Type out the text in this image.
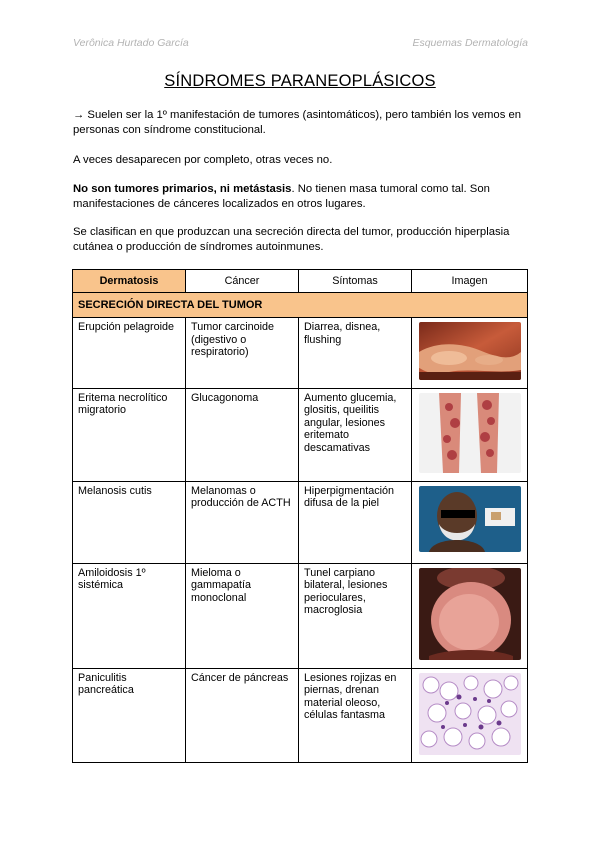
Verônica Hurtado García	Esquemas Dermatología
SÍNDROMES PARANEOPLÁSICOS
→ Suelen ser la 1º manifestación de tumores (asintomáticos), pero también los vemos en personas con síndrome constitucional.
A veces desaparecen por completo, otras veces no.
No son tumores primarios, ni metástasis. No tienen masa tumoral como tal. Son manifestaciones de cánceres localizados en otros lugares.
Se clasifican en que produzcan una secreción directa del tumor, producción hiperplasia cutánea o producción de síndromes autoinmunes.
Dermatosis	Cáncer	Síntomas	Imagen
SECRECIÓN DIRECTA DEL TUMOR			
Erupción pelagroide	Tumor carcinoide (digestivo o respiratorio)	Diarrea, disnea, flushing	
Eritema necrolítico migratorio	Glucagonoma	Aumento glucemia, glositis, queilitis angular, lesiones eritemato descamativas	
Melanosis cutis	Melanomas o producción de ACTH	Hiperpigmentación difusa de la piel	
Amiloidosis 1º sistémica	Mieloma o gammapatía monoclonal	Tunel carpiano bilateral, lesiones perioculares, macroglosia	
Paniculitis pancreática	Cáncer de páncreas	Lesiones rojizas en piernas, drenan material oleoso, células fantasma	
